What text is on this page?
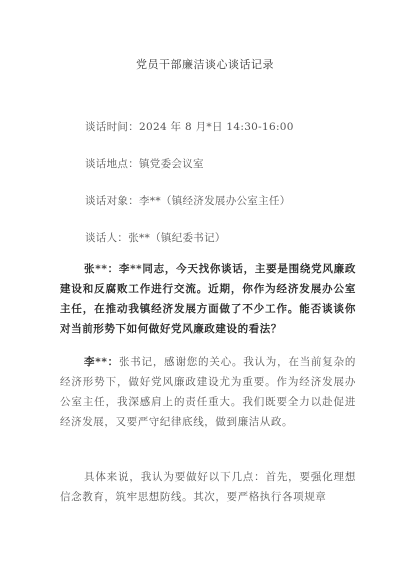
党员干部廉洁谈心谈话记录
谈话时间：2024 年 8 月*日 14:30-16:00
谈话地点：镇党委会议室
谈话对象：李**（镇经济发展办公室主任）
谈话人：张**（镇纪委书记）
张**：李**同志，今天找你谈话，主要是围绕党风廉政建设和反腐败工作进行交流。近期，你作为经济发展办公室主任，在推动我镇经济发展方面做了不少工作。能否谈谈你对当前形势下如何做好党风廉政建设的看法？
李**：张书记，感谢您的关心。我认为，在当前复杂的经济形势下，做好党风廉政建设尤为重要。作为经济发展办公室主任，我深感肩上的责任重大。我们既要全力以赴促进经济发展，又要严守纪律底线，做到廉洁从政。
具体来说，我认为要做好以下几点：首先，要强化理想信念教育，筑牢思想防线。其次，要严格执行各项规章
